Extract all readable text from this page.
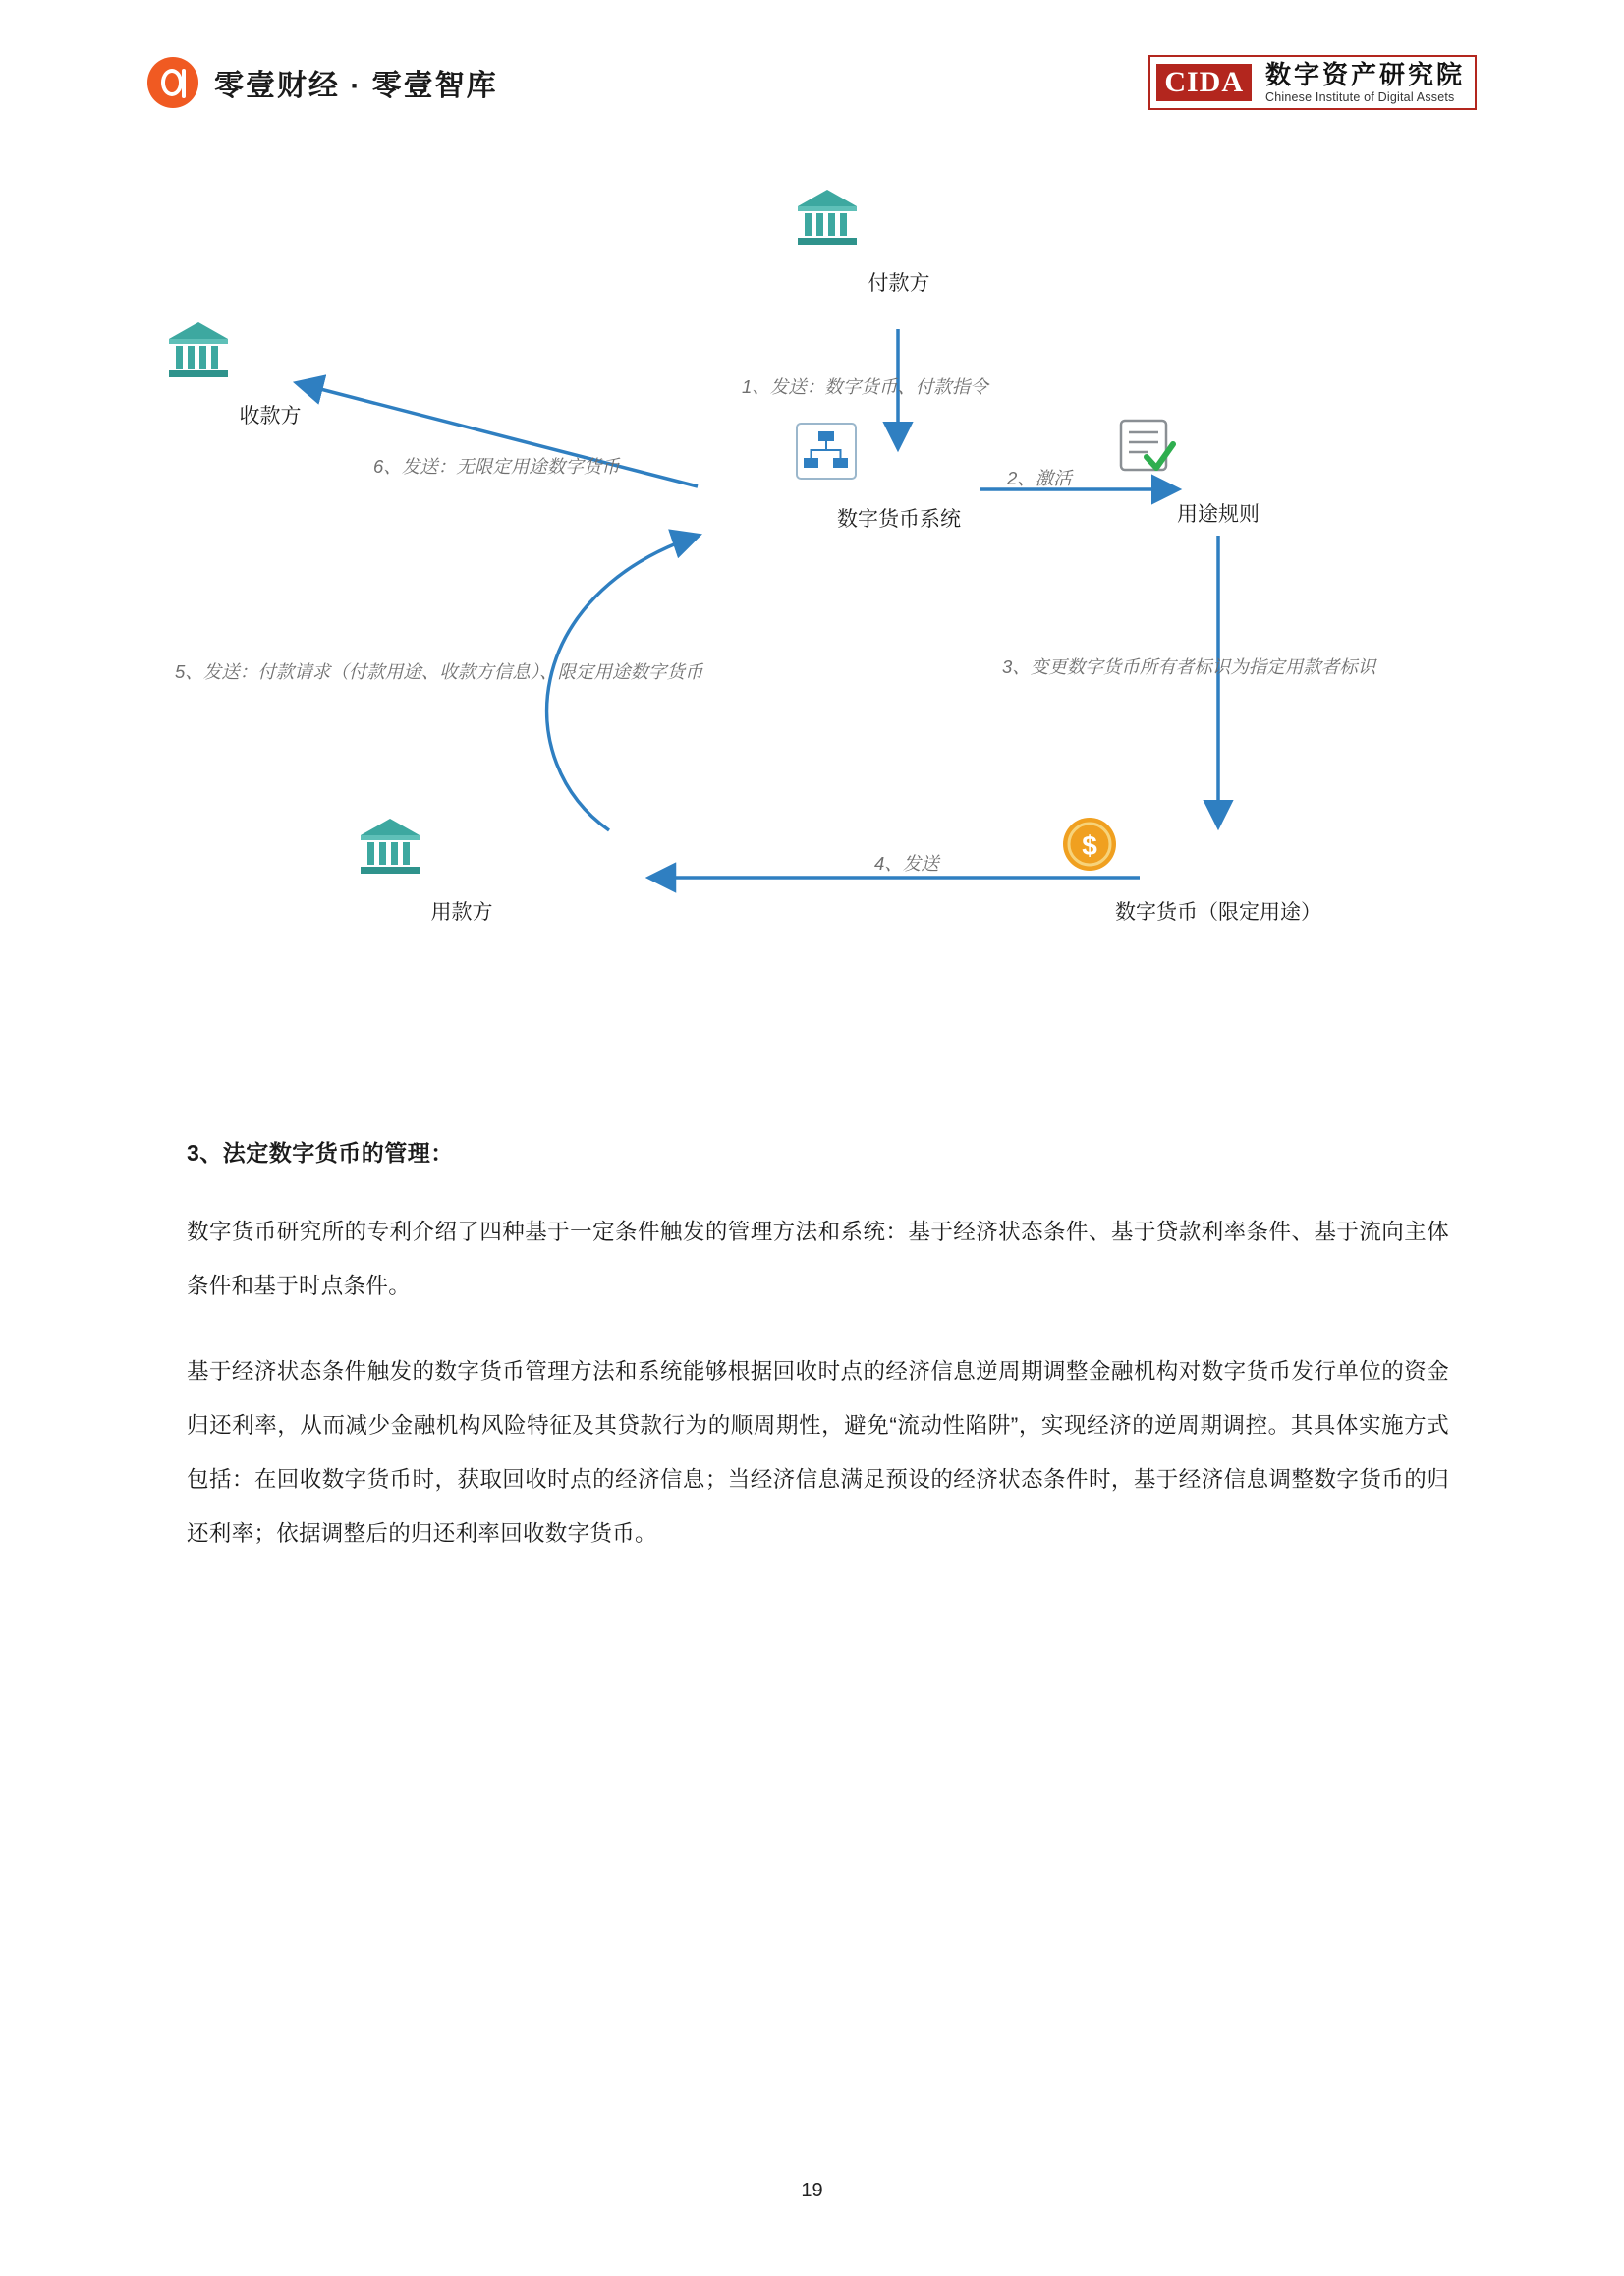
零壹财经 · 零壹智库	CIDA 数字资产研究院
Chinese Institute of Digital Assets
付款方
收款方
数字货币系统	用途规则
用款方
$
数字货币（限定用途）
1、发送：数字货币、付款指令
2、激活
3、变更数字货币所有者标识为指定用款者标识
4、发送
5、发送：付款请求（付款用途、收款方信息）、限定用途数字货币
6、发送：无限定用途数字货币
3、法定数字货币的管理：

数字货币研究所的专利介绍了四种基于一定条件触发的管理方法和系统：基于经济状态条件、基于贷款利率条件、基于流向主体条件和基于时点条件。

基于经济状态条件触发的数字货币管理方法和系统能够根据回收时点的经济信息逆周期调整金融机构对数字货币发行单位的资金归还利率，从而减少金融机构风险特征及其贷款行为的顺周期性，避免“流动性陷阱”，实现经济的逆周期调控。其具体实施方式包括：在回收数字货币时，获取回收时点的经济信息；当经济信息满足预设的经济状态条件时，基于经济信息调整数字货币的归还利率；依据调整后的归还利率回收数字货币。

19
